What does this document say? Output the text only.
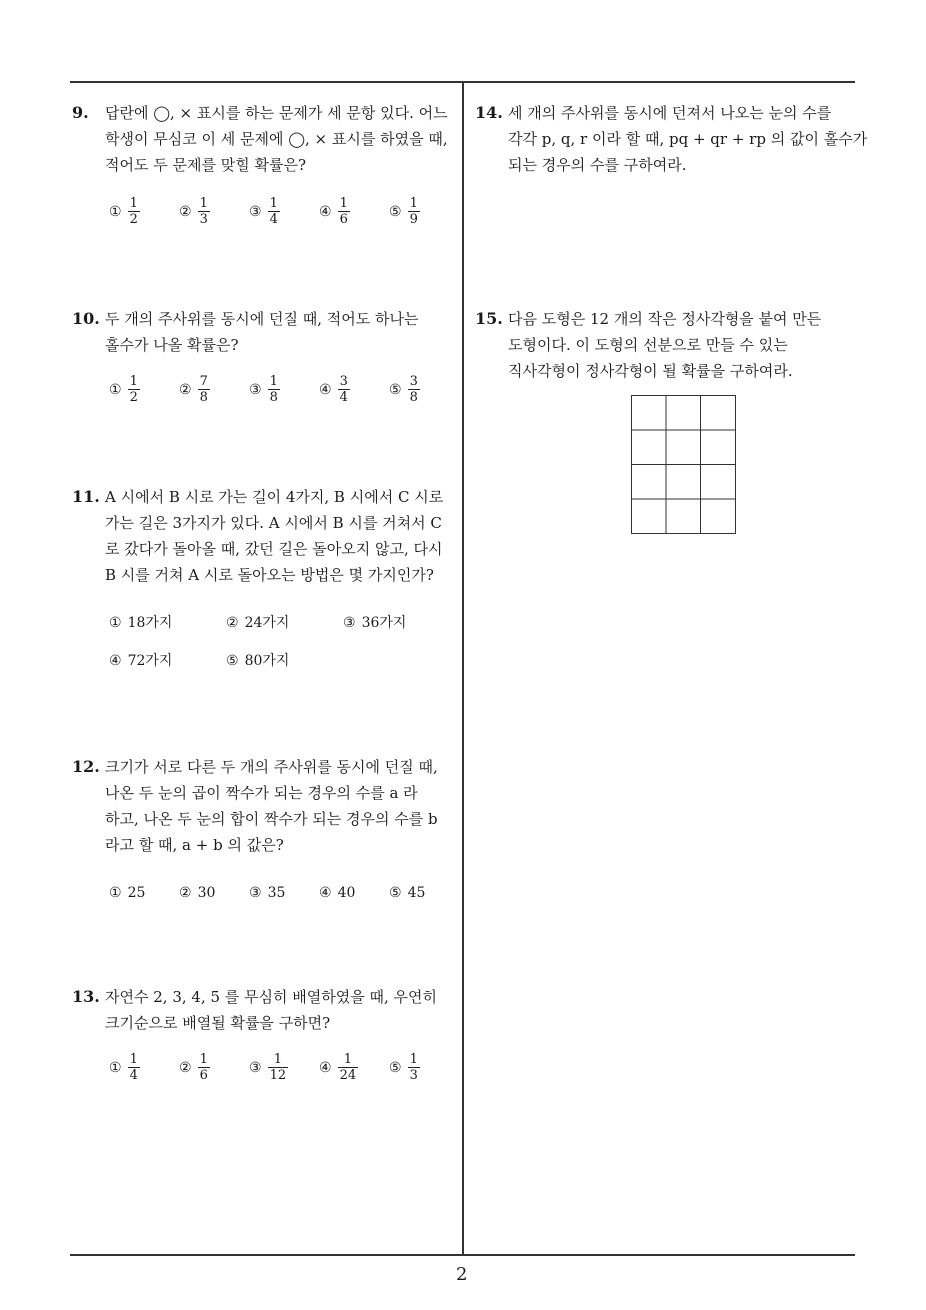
9. 답란에 ◯, × 표시를 하는 문제가 세 문항 있다. 어느
학생이 무심코 이 세 문제에 ◯, × 표시를 하였을 때,
적어도 두 문제를 맞힐 확률은?
① $\frac{1}{2}$	② $\frac{1}{3}$	③ $\frac{1}{4}$	④ $\frac{1}{6}$	⑤ $\frac{1}{9}$
10. 두 개의 주사위를 동시에 던질 때, 적어도 하나는
홀수가 나올 확률은?
① $\frac{1}{2}$	② $\frac{7}{8}$	③ $\frac{1}{8}$	④ $\frac{3}{4}$	⑤ $\frac{3}{8}$
11. A 시에서 B 시로 가는 길이 4가지, B 시에서 C 시로
가는 길은 3가지가 있다. A 시에서 B 시를 거쳐서 C
로 갔다가 돌아올 때, 갔던 길은 돌아오지 않고, 다시
B 시를 거쳐 A 시로 돌아오는 방법은 몇 가지인가?
① 18가지	② 24가지	③ 36가지
④ 72가지	⑤ 80가지
12. 크기가 서로 다른 두 개의 주사위를 동시에 던질 때,
나온 두 눈의 곱이 짝수가 되는 경우의 수를 a 라
하고, 나온 두 눈의 합이 짝수가 되는 경우의 수를 b
라고 할 때, a + b 의 값은?
① 25 ② 30 ③ 35 ④ 40 ⑤ 45
13. 자연수 2, 3, 4, 5 를 무심히 배열하였을 때, 우연히
크기순으로 배열될 확률을 구하면?
① $\frac{1}{4}$	② $\frac{1}{6}$	③ $\frac{1}{12}$ ④ $\frac{1}{24}$ ⑤ $\frac{1}{3}$
14. 세 개의 주사위를 동시에 던져서 나오는 눈의 수를
각각 p, q, r 이라 할 때, pq + qr + rp 의 값이 홀수가
되는 경우의 수를 구하여라.
15. 다음 도형은 12 개의 작은 정사각형을 붙여 만든
도형이다. 이 도형의 선분으로 만들 수 있는
직사각형이 정사각형이 될 확률을 구하여라.
2
